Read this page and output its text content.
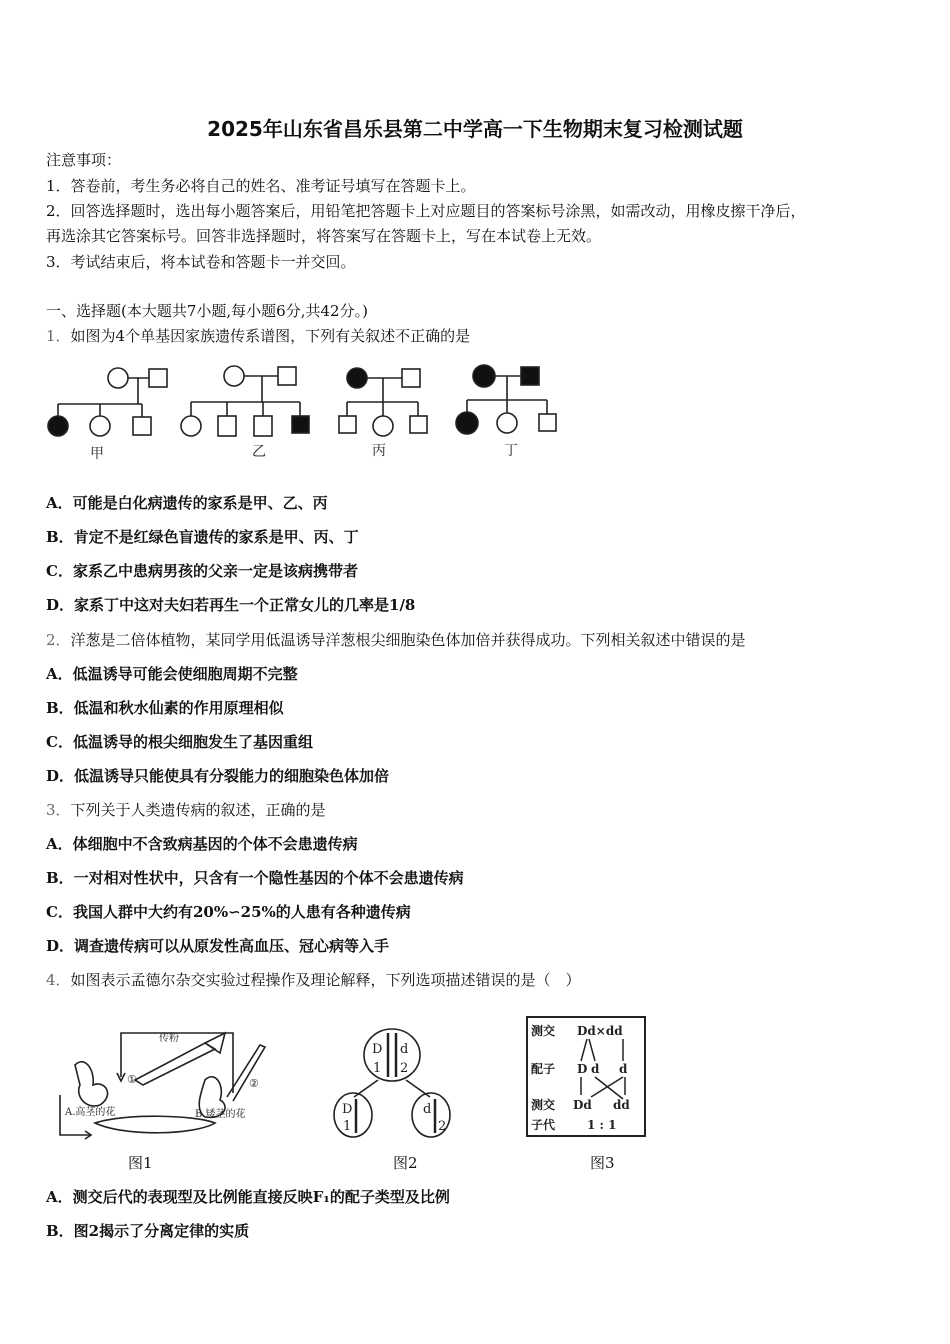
2025年山东省昌乐县第二中学高一下生物期末复习检测试题
注意事项：
1．答卷前，考生务必将自己的姓名、准考证号填写在答题卡上。
2．回答选择题时，选出每小题答案后，用铅笔把答题卡上对应题目的答案标号涂黑，如需改动，用橡皮擦干净后，
再选涂其它答案标号。回答非选择题时，将答案写在答题卡上，写在本试卷上无效。
3．考试结束后，将本试卷和答题卡一并交回。
一、选择题(本大题共7小题,每小题6分,共42分。)
1．如图为4个单基因家族遗传系谱图，下列有关叙述不正确的是
甲	乙	丙	丁
A．可能是白化病遗传的家系是甲、乙、丙
B．肯定不是红绿色盲遗传的家系是甲、丙、丁
C．家系乙中患病男孩的父亲一定是该病携带者
D．家系丁中这对夫妇若再生一个正常女儿的几率是1/8
2．洋葱是二倍体植物，某同学用低温诱导洋葱根尖细胞染色体加倍并获得成功。下列相关叙述中错误的是
A．低温诱导可能会使细胞周期不完整
B．低温和秋水仙素的作用原理相似
C．低温诱导的根尖细胞发生了基因重组
D．低温诱导只能使具有分裂能力的细胞染色体加倍
3．下列关于人类遗传病的叙述，正确的是
A．体细胞中不含致病基因的个体不会患遗传病
B．一对相对性状中，只含有一个隐性基因的个体不会患遗传病
C．我国人群中大约有20%∽25%的人患有各种遗传病
D．调查遗传病可以从原发性高血压、冠心病等入手
4．如图表示孟德尔杂交实验过程操作及理论解释，下列选项描述错误的是（　）
传粉
①	②
A.高茎的花	B.矮茎的花
图1
D d
1 2
D
1
d
2
图2
测交
配子
测交
子代
Dd×dd
D d d
Dd dd
1 : 1
图3
A．测交后代的表现型及比例能直接反映F₁的配子类型及比例
B．图2揭示了分离定律的实质
